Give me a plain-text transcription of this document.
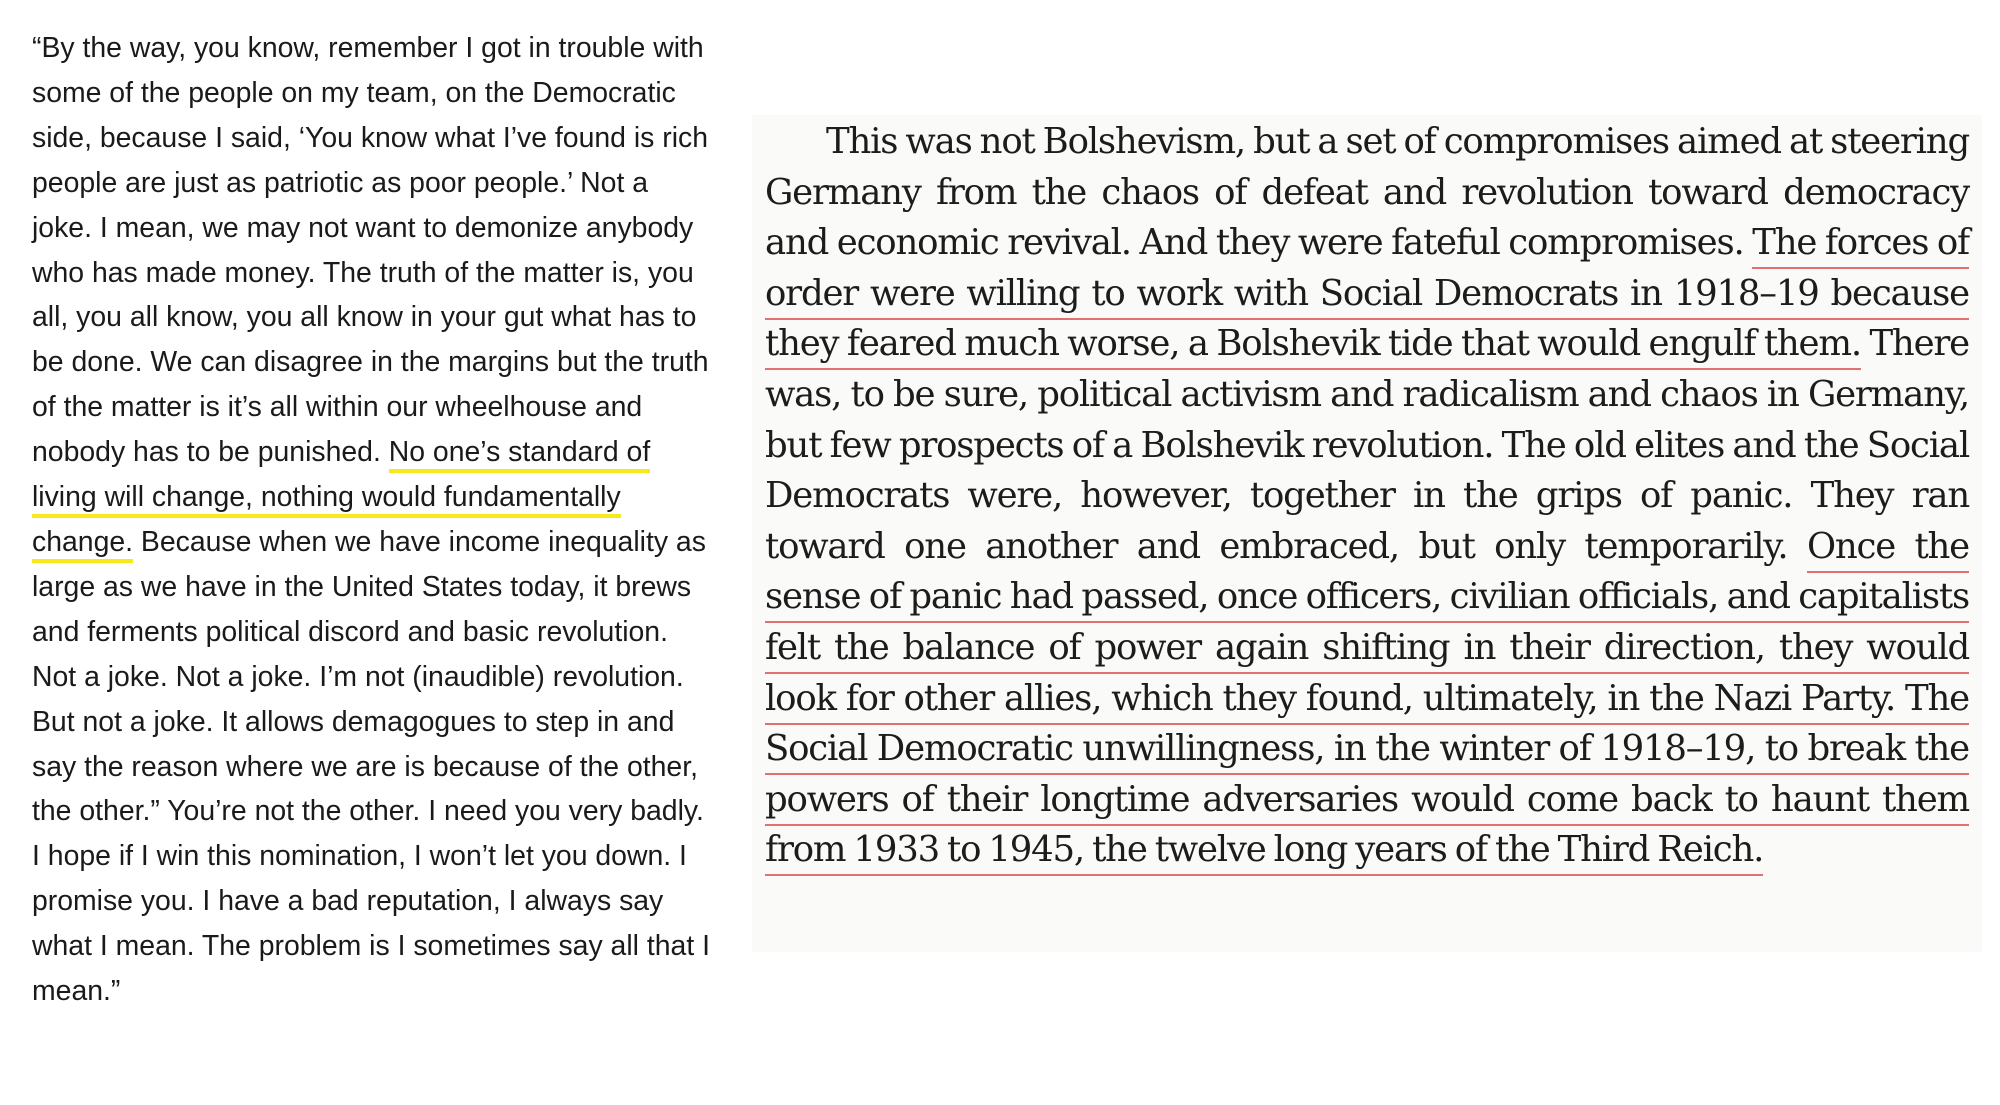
“By the way, you know, remember I got in trouble with some of the people on my team, on the Democratic side, because I said, ‘You know what I’ve found is rich people are just as patriotic as poor people.’ Not a joke. I mean, we may not want to demonize anybody who has made money. The truth of the matter is, you all, you all know, you all know in your gut what has to be done. We can disagree in the margins but the truth of the matter is it’s all within our wheelhouse and nobody has to be punished. No one’s standard of living will change, nothing would fundamentally change. Because when we have income inequality as large as we have in the United States today, it brews and ferments political discord and basic revolution. Not a joke. Not a joke. I’m not (inaudible) revolution. But not a joke. It allows demagogues to step in and say the reason where we are is because of the other, the other.” You’re not the other. I need you very badly. I hope if I win this nomination, I won’t let you down. I promise you. I have a bad reputation, I always say what I mean. The problem is I sometimes say all that I mean.”

This was not Bolshevism, but a set of compromises aimed at steering Germany from the chaos of defeat and revolution toward democracy and economic revival. And they were fateful compromises. The forces of order were willing to work with Social Democrats in 1918–19 because they feared much worse, a Bolshevik tide that would engulf them. There was, to be sure, political activism and radicalism and chaos in Germany, but few prospects of a Bolshevik revolution. The old elites and the Social Democrats were, however, together in the grips of panic. They ran toward one another and embraced, but only temporarily. Once the sense of panic had passed, once officers, civilian officials, and capitalists felt the balance of power again shifting in their direction, they would look for other allies, which they found, ultimately, in the Nazi Party. The Social Democratic unwillingness, in the winter of 1918–19, to break the powers of their longtime adversaries would come back to haunt them from 1933 to 1945, the twelve long years of the Third Reich.
